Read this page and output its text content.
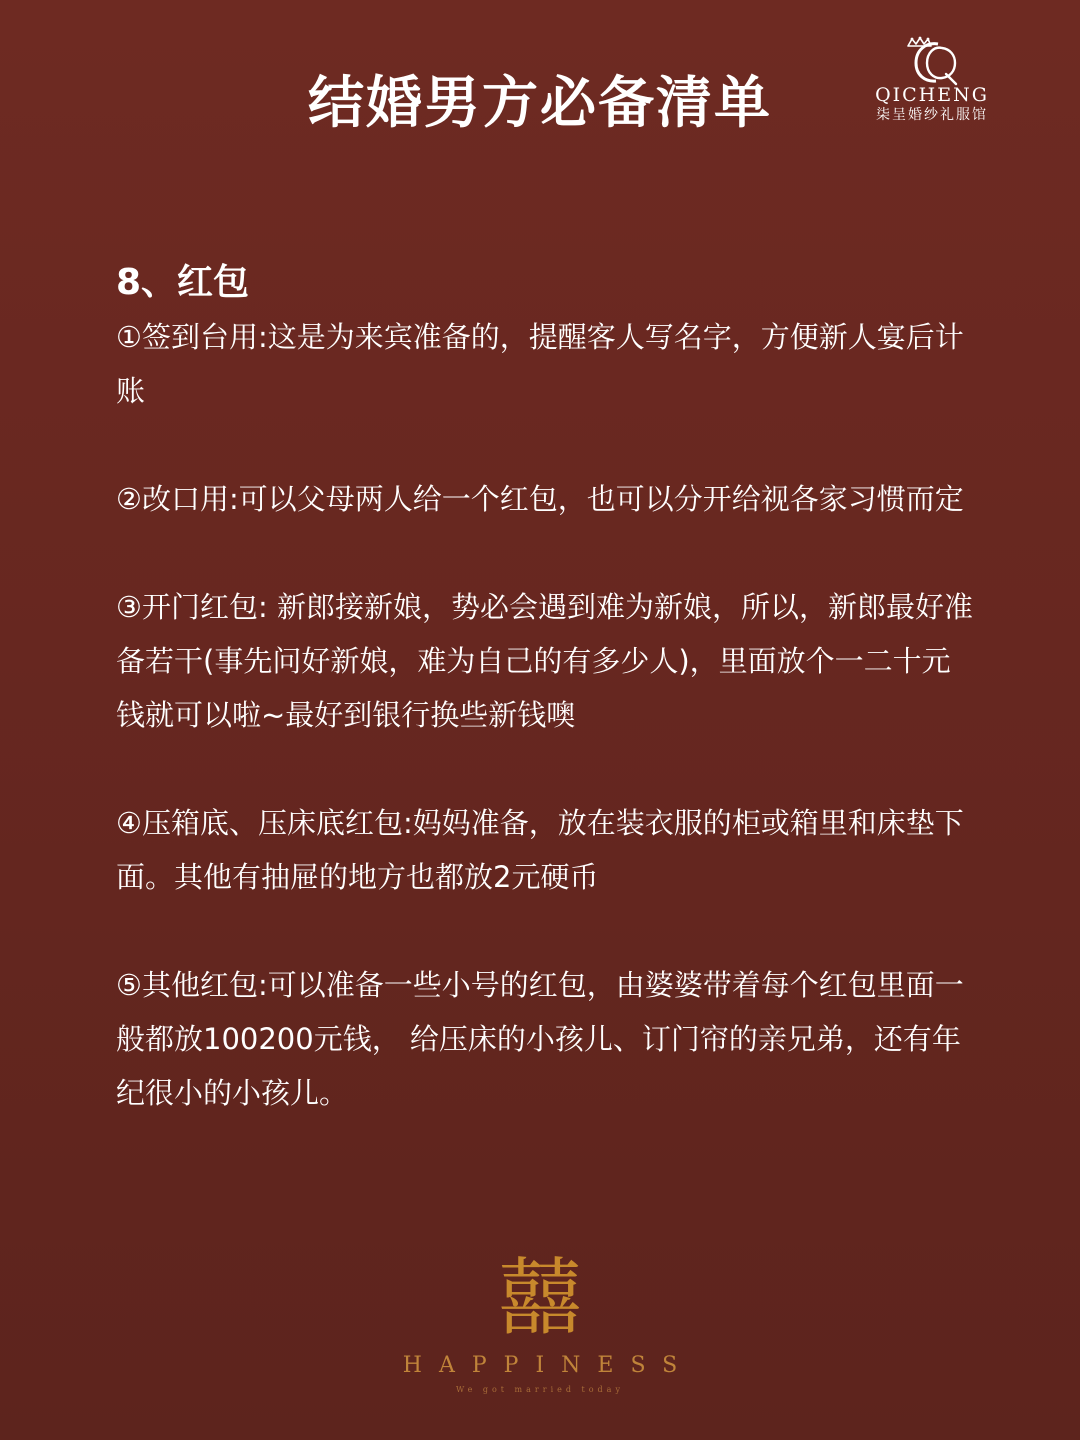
结婚男方必备清单	QICHENG
柒呈婚纱礼服馆
8、红包

①签到台用:这是为来宾准备的，提醒客人写名字，方便新人宴后计账

②改口用:可以父母两人给一个红包，也可以分开给视各家习惯而定

③开门红包: 新郎接新娘，势必会遇到难为新娘，所以，新郎最好准备若干(事先问好新娘，难为自己的有多少人)，里面放个一二十元钱就可以啦~最好到银行换些新钱噢

④压箱底、压床底红包:妈妈准备，放在装衣服的柜或箱里和床垫下面。其他有抽屉的地方也都放2元硬币

⑤其他红包:可以准备一些小号的红包，由婆婆带着每个红包里面一般都放100200元钱， 给压床的小孩儿、订门帘的亲兄弟，还有年纪很小的小孩儿。

囍
HAPPINESS
We got married today
